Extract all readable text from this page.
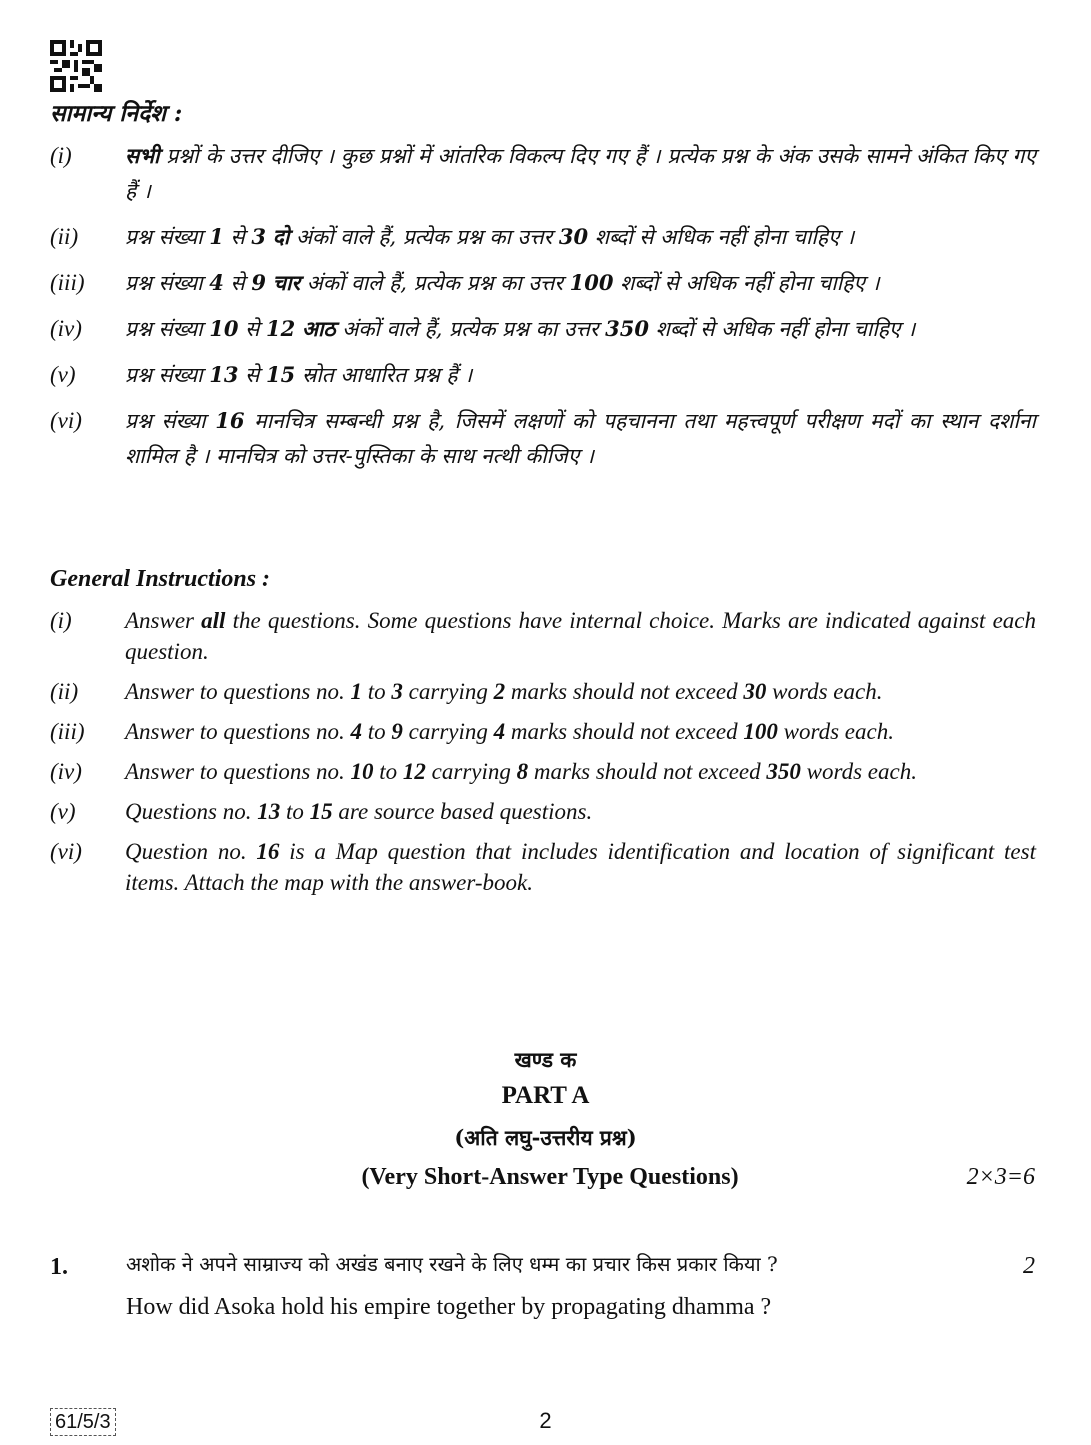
सामान्य निर्देश :
(i)	सभी प्रश्नों के उत्तर दीजिए । कुछ प्रश्नों में आंतरिक विकल्प दिए गए हैं । प्रत्येक प्रश्न के अंक उसके सामने अंकित किए गए हैं ।
(ii)	प्रश्न संख्या 1 से 3 दो अंकों वाले हैं, प्रत्येक प्रश्न का उत्तर 30 शब्दों से अधिक नहीं होना चाहिए ।
(iii)	प्रश्न संख्या 4 से 9 चार अंकों वाले हैं, प्रत्येक प्रश्न का उत्तर 100 शब्दों से अधिक नहीं होना चाहिए ।
(iv)	प्रश्न संख्या 10 से 12 आठ अंकों वाले हैं, प्रत्येक प्रश्न का उत्तर 350 शब्दों से अधिक नहीं होना चाहिए ।
(v)	प्रश्न संख्या 13 से 15 स्रोत आधारित प्रश्न हैं ।
(vi)	प्रश्न संख्या 16 मानचित्र सम्बन्धी प्रश्न है, जिसमें लक्षणों को पहचानना तथा महत्त्वपूर्ण परीक्षण मदों का स्थान दर्शाना शामिल है । मानचित्र को उत्तर-पुस्तिका के साथ नत्थी कीजिए ।
General Instructions :
(i)	Answer all the questions. Some questions have internal choice. Marks are indicated against each question.
(ii)	Answer to questions no. 1 to 3 carrying 2 marks should not exceed 30 words each.
(iii)	Answer to questions no. 4 to 9 carrying 4 marks should not exceed 100 words each.
(iv)	Answer to questions no. 10 to 12 carrying 8 marks should not exceed 350 words each.
(v)	Questions no. 13 to 15 are source based questions.
(vi)	Question no. 16 is a Map question that includes identification and location of significant test items. Attach the map with the answer-book.
खण्ड क
PART A
(अति लघु-उत्तरीय प्रश्न)
(Very Short-Answer Type Questions)	2×3=6
1.	अशोक ने अपने साम्राज्य को अखंड बनाए रखने के लिए धम्म का प्रचार किस प्रकार किया ?	2
How did Asoka hold his empire together by propagating dhamma ?
61/5/3	2
